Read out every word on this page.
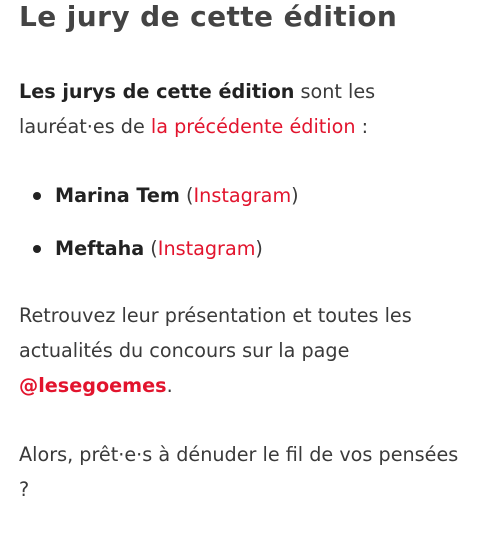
Le jury de cette édition

Les jurys de cette édition sont les lauréat·es de la précédente édition :

Marina Tem (Instagram)
Meftaha (Instagram)

Retrouvez leur présentation et toutes les actualités du concours sur la page @lesegoemes.

Alors, prêt·e·s à dénuder le fil de vos pensées ?
